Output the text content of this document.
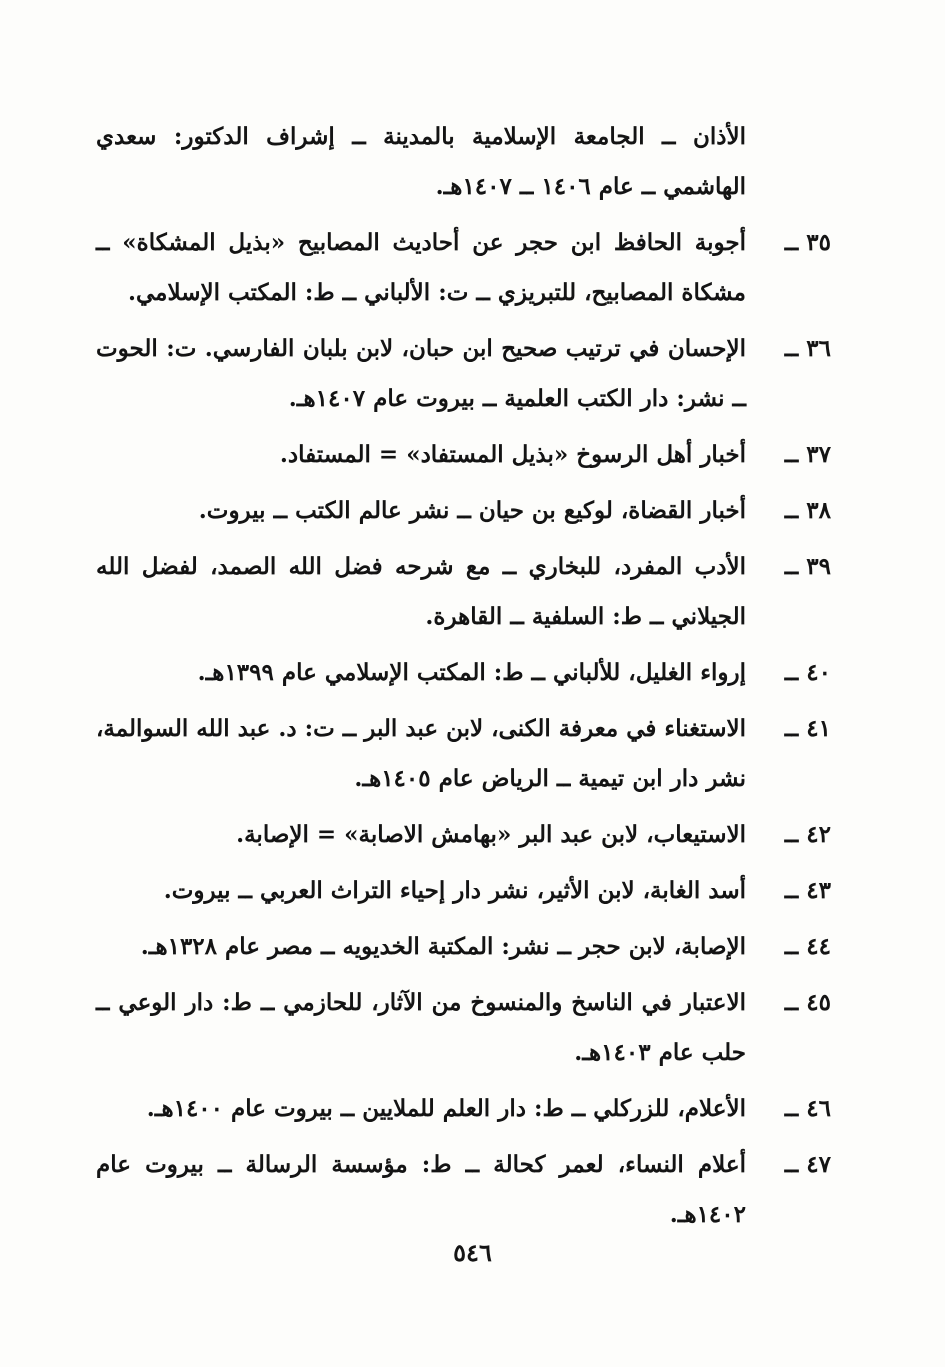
الأذان ــ الجامعة الإسلامية بالمدينة ــ إشراف الدكتور: سعدي الهاشمي ــ عام ١٤٠٦ ــ ١٤٠٧هـ.
٣٥ ــ
أجوبة الحافظ ابن حجر عن أحاديث المصابيح «بذيل المشكاة» ــ مشكاة المصابيح، للتبريزي ــ ت: الألباني ــ ط: المكتب الإسلامي.
٣٦ ــ
الإحسان في ترتيب صحيح ابن حبان، لابن بلبان الفارسي. ت: الحوت ــ نشر: دار الكتب العلمية ــ بيروت عام ١٤٠٧هـ.
٣٧ ــ
أخبار أهل الرسوخ «بذيل المستفاد» = المستفاد.
٣٨ ــ
أخبار القضاة، لوكيع بن حيان ــ نشر عالم الكتب ــ بيروت.
٣٩ ــ
الأدب المفرد، للبخاري ــ مع شرحه فضل الله الصمد، لفضل الله الجيلاني ــ ط: السلفية ــ القاهرة.
٤٠ ــ
إرواء الغليل، للألباني ــ ط: المكتب الإسلامي عام ١٣٩٩هـ.
٤١ ــ
الاستغناء في معرفة الكنى، لابن عبد البر ــ ت: د. عبد الله السوالمة، نشر دار ابن تيمية ــ الرياض عام ١٤٠٥هـ.
٤٢ ــ
الاستيعاب، لابن عبد البر «بهامش الاصابة» = الإصابة.
٤٣ ــ
أسد الغابة، لابن الأثير، نشر دار إحياء التراث العربي ــ بيروت.
٤٤ ــ
الإصابة، لابن حجر ــ نشر: المكتبة الخديويه ــ مصر عام ١٣٢٨هـ.
٤٥ ــ
الاعتبار في الناسخ والمنسوخ من الآثار، للحازمي ــ ط: دار الوعي ــ حلب عام ١٤٠٣هـ.
٤٦ ــ
الأعلام، للزركلي ــ ط: دار العلم للملايين ــ بيروت عام ١٤٠٠هـ.
٤٧ ــ
أعلام النساء، لعمر كحالة ــ ط: مؤسسة الرسالة ــ بيروت عام ١٤٠٢هـ.
٥٤٦
